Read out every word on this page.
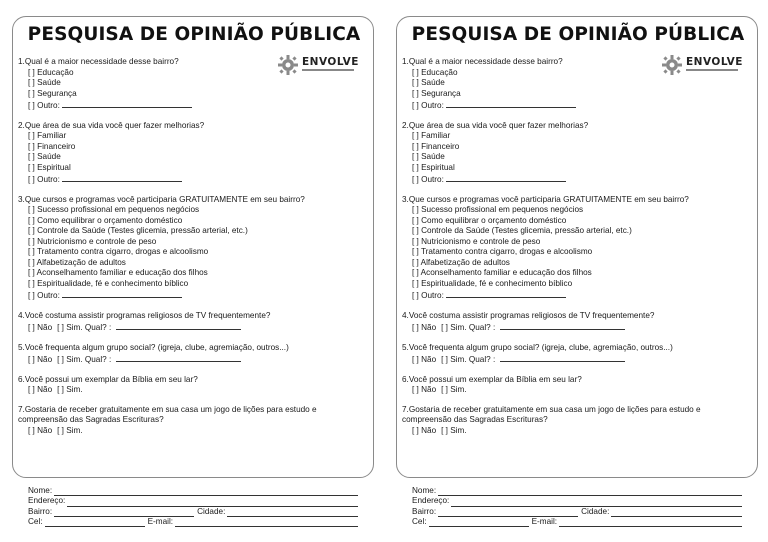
PESQUISA DE OPINIÃO PÚBLICA
ENVOLVE
1.Qual é a maior necessidade desse bairro?
[ ] Educação
[ ] Saúde
[ ] Segurança
[ ] Outro:
2.Que área de sua vida você quer fazer melhorias?
[ ] Familiar
[ ] Financeiro
[ ] Saúde
[ ] Espiritual
[ ] Outro:
3.Que cursos e programas você participaria GRATUITAMENTE em seu bairro?
[ ] Sucesso profissional em pequenos negócios
[ ] Como equilibrar o orçamento doméstico
[ ] Controle da Saúde (Testes glicemia, pressão arterial, etc.)
[ ] Nutricionismo e controle de peso
[ ] Tratamento contra cigarro, drogas e alcoolismo
[ ] Alfabetização de adultos
[ ] Aconselhamento familiar e educação dos filhos
[ ] Espiritualidade, fé e conhecimento bíblico
[ ] Outro:
4.Você costuma assistir programas religiosos de TV frequentemente?
[ ] Não [ ] Sim. Qual? :
5.Você frequenta algum grupo social? (igreja, clube, agremiação, outros...)
[ ] Não [ ] Sim. Qual? :
6.Você possui um exemplar da Bíblia em seu lar?
[ ] Não [ ] Sim.
7.Gostaria de receber gratuitamente em sua casa um jogo de lições para estudo e compreensão das Sagradas Escrituras?
[ ] Não [ ] Sim.
Nome:
Endereço:
Bairro:	Cidade:
Cel:	E-mail:
PESQUISA DE OPINIÃO PÚBLICA
ENVOLVE
1.Qual é a maior necessidade desse bairro?
[ ] Educação
[ ] Saúde
[ ] Segurança
[ ] Outro:
2.Que área de sua vida você quer fazer melhorias?
[ ] Familiar
[ ] Financeiro
[ ] Saúde
[ ] Espiritual
[ ] Outro:
3.Que cursos e programas você participaria GRATUITAMENTE em seu bairro?
[ ] Sucesso profissional em pequenos negócios
[ ] Como equilibrar o orçamento doméstico
[ ] Controle da Saúde (Testes glicemia, pressão arterial, etc.)
[ ] Nutricionismo e controle de peso
[ ] Tratamento contra cigarro, drogas e alcoolismo
[ ] Alfabetização de adultos
[ ] Aconselhamento familiar e educação dos filhos
[ ] Espiritualidade, fé e conhecimento bíblico
[ ] Outro:
4.Você costuma assistir programas religiosos de TV frequentemente?
[ ] Não [ ] Sim. Qual? :
5.Você frequenta algum grupo social? (igreja, clube, agremiação, outros...)
[ ] Não [ ] Sim. Qual? :
6.Você possui um exemplar da Bíblia em seu lar?
[ ] Não [ ] Sim.
7.Gostaria de receber gratuitamente em sua casa um jogo de lições para estudo e compreensão das Sagradas Escrituras?
[ ] Não [ ] Sim.
Nome:
Endereço:
Bairro:	Cidade:
Cel:	E-mail:
